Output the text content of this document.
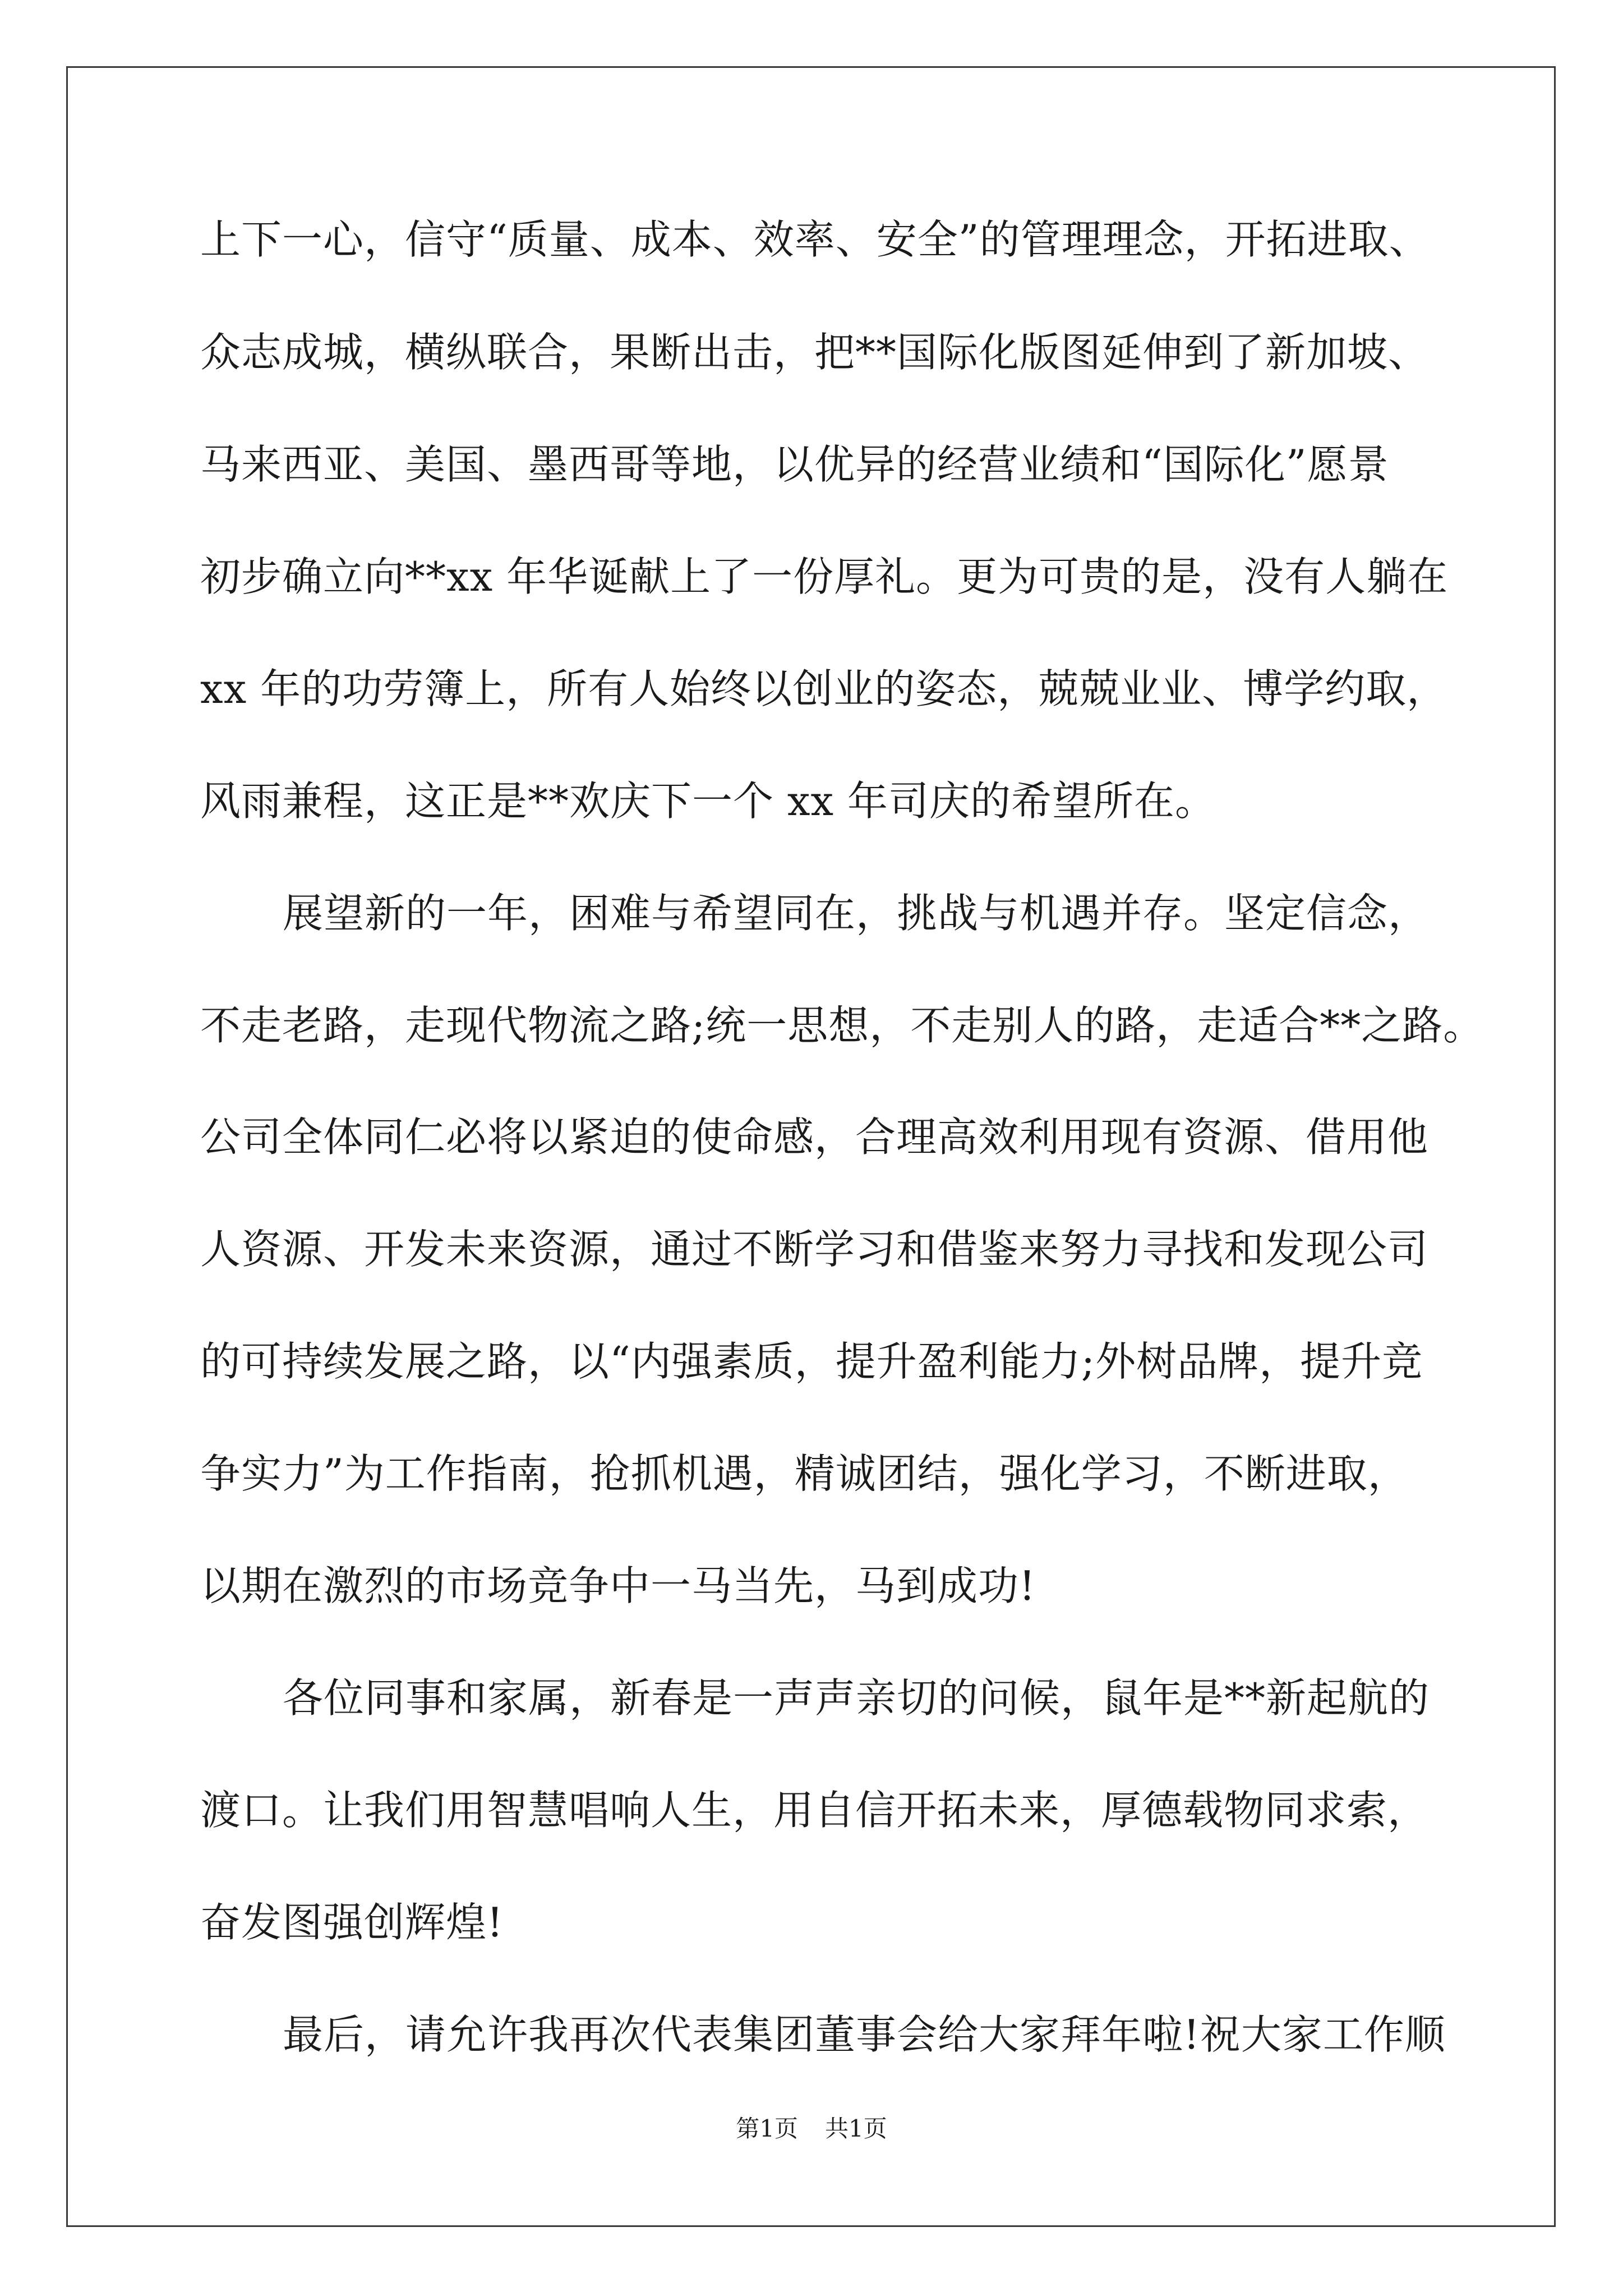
上下一心，信守“质量、成本、效率、安全”的管理理念，开拓进取、

众志成城，横纵联合，果断出击，把**国际化版图延伸到了新加坡、

马来西亚、美国、墨西哥等地，以优异的经营业绩和“国际化”愿景

初步确立向**xx 年华诞献上了一份厚礼。更为可贵的是，没有人躺在

xx 年的功劳簿上，所有人始终以创业的姿态，兢兢业业、博学约取，

风雨兼程，这正是**欢庆下一个 xx 年司庆的希望所在。

展望新的一年，困难与希望同在，挑战与机遇并存。坚定信念，

不走老路，走现代物流之路;统一思想，不走别人的路，走适合**之路。

公司全体同仁必将以紧迫的使命感，合理高效利用现有资源、借用他

人资源、开发未来资源，通过不断学习和借鉴来努力寻找和发现公司

的可持续发展之路，以“内强素质，提升盈利能力;外树品牌，提升竞

争实力”为工作指南，抢抓机遇，精诚团结，强化学习，不断进取，

以期在激烈的市场竞争中一马当先，马到成功!

各位同事和家属，新春是一声声亲切的问候，鼠年是**新起航的

渡口。让我们用智慧唱响人生，用自信开拓未来，厚德载物同求索，

奋发图强创辉煌!

最后，请允许我再次代表集团董事会给大家拜年啦!祝大家工作顺

第1页 共1页
